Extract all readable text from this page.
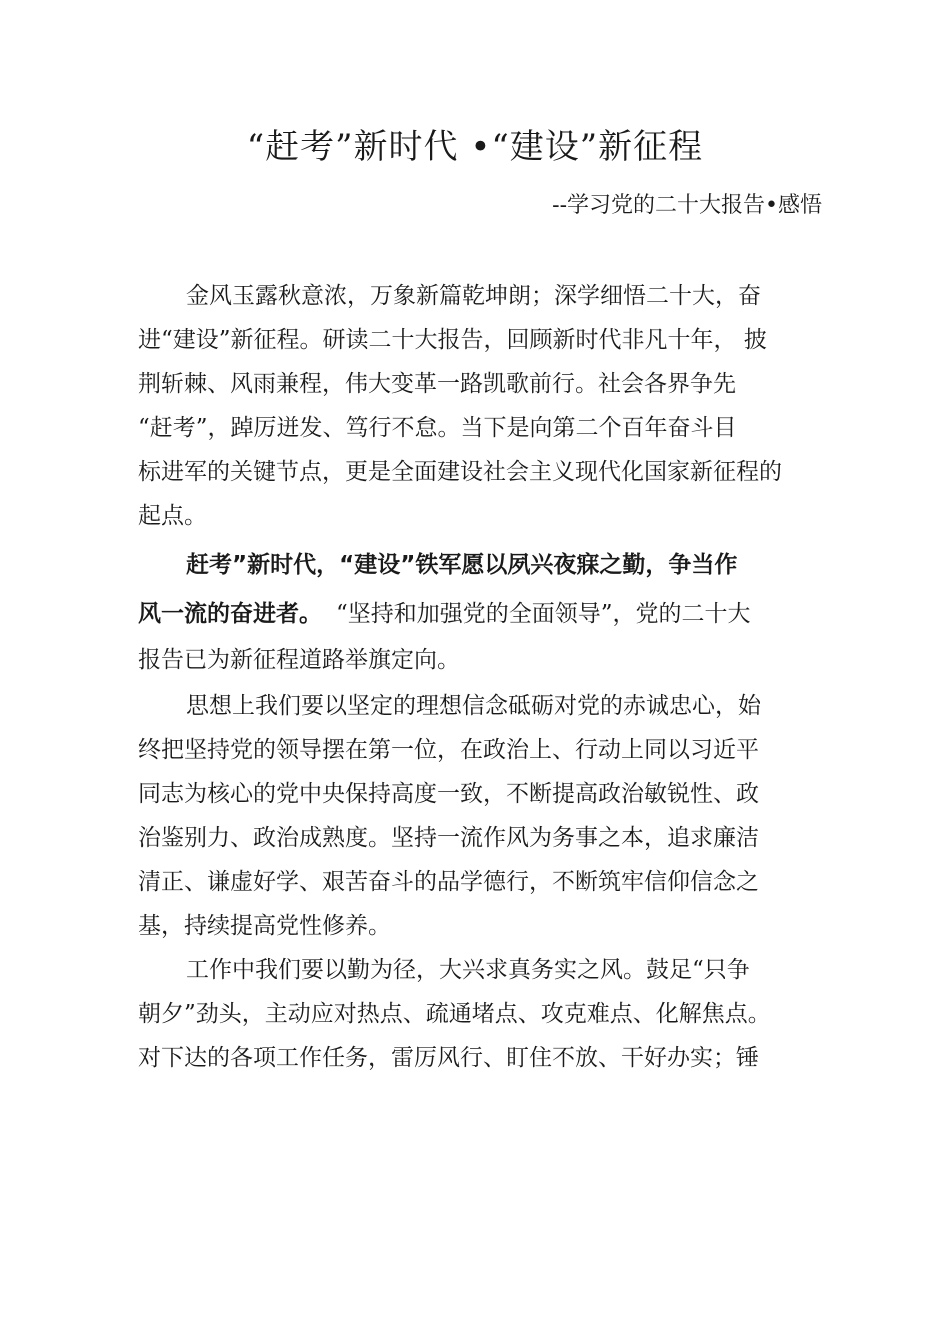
“赶考”新时代 •“建设”新征程
--学习党的二十大报告•感悟
金风玉露秋意浓，万象新篇乾坤朗；深学细悟二十大，奋
进“建设”新征程。研读二十大报告，回顾新时代非凡十年， 披
荆斩棘、风雨兼程，伟大变革一路凯歌前行。社会各界争先
“赶考”，踔厉迸发、笃行不怠。当下是向第二个百年奋斗目
标进军的关键节点，更是全面建设社会主义现代化国家新征程的
起点。
赶考”新时代，“建设”铁军愿以夙兴夜寐之勤，争当作
风一流的奋进者。 “坚持和加强党的全面领导”，党的二十大
报告已为新征程道路举旗定向。
思想上我们要以坚定的理想信念砥砺对党的赤诚忠心，始
终把坚持党的领导摆在第一位，在政治上、行动上同以习近平
同志为核心的党中央保持高度一致，不断提高政治敏锐性、政
治鉴别力、政治成熟度。坚持一流作风为务事之本，追求廉洁
清正、谦虚好学、艰苦奋斗的品学德行，不断筑牢信仰信念之
基，持续提高党性修养。
工作中我们要以勤为径，大兴求真务实之风。鼓足“只争
朝夕”劲头，主动应对热点、疏通堵点、攻克难点、化解焦点。
对下达的各项工作任务，雷厉风行、盯住不放、干好办实；锤
